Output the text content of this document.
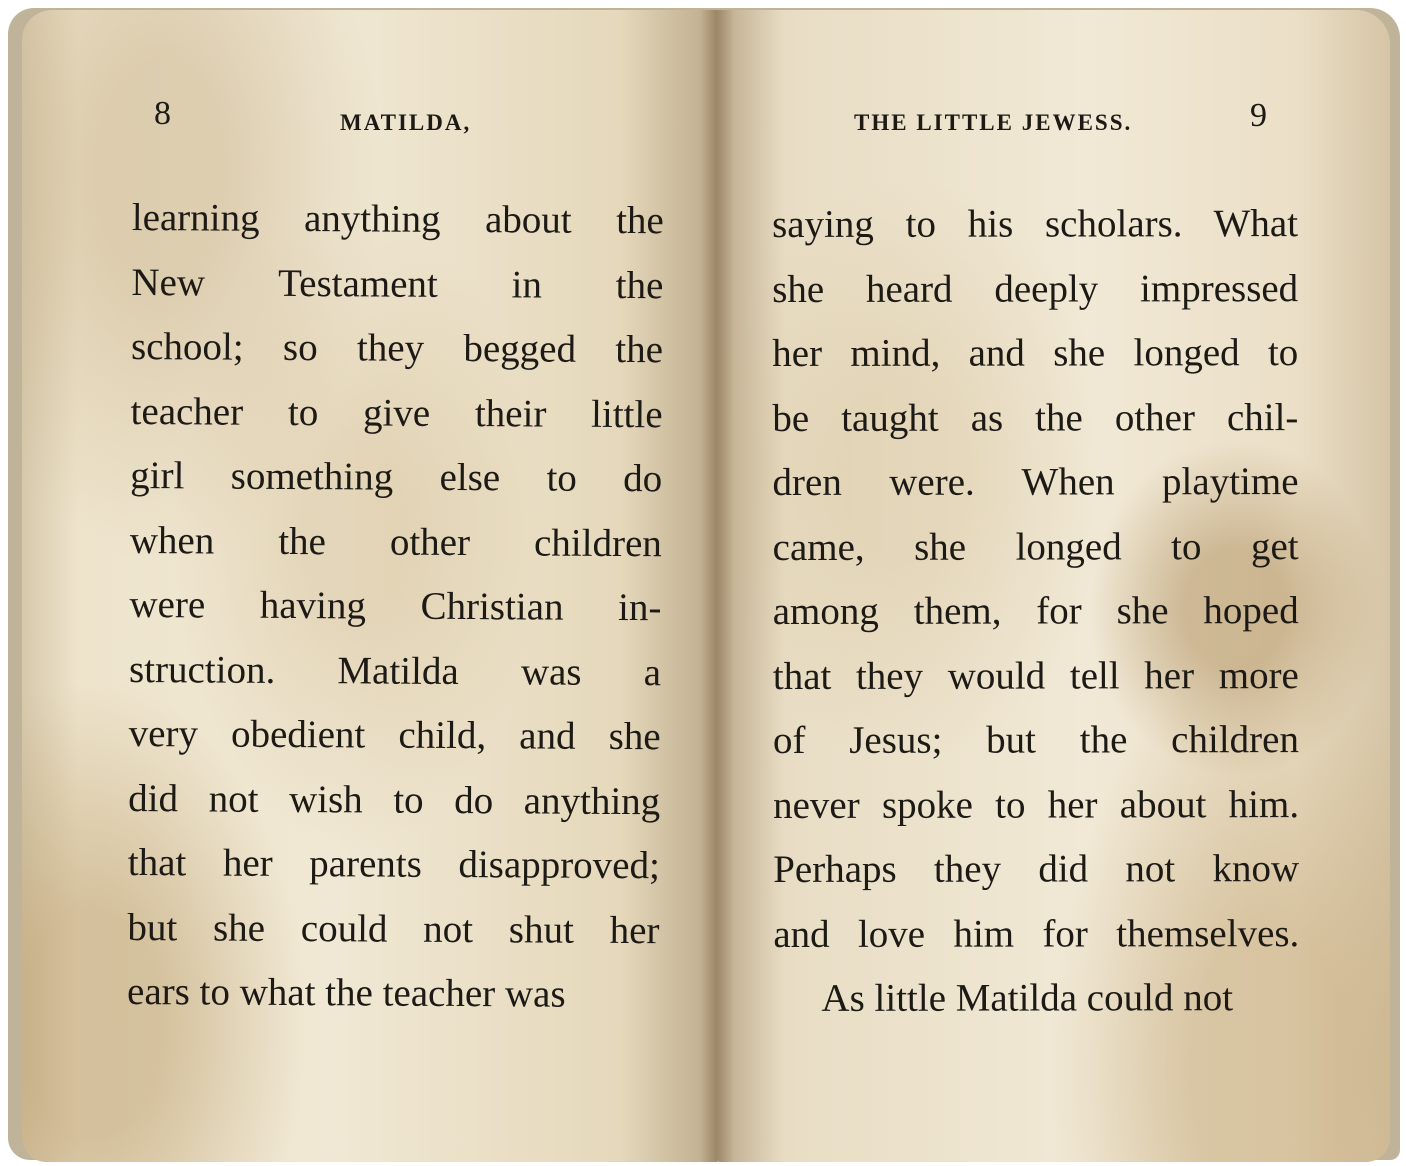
8	MATILDA,
learning anything about the
New Testament in the
school; so they begged the
teacher to give their little
girl something else to do
when the other children
were having Christian in-
struction. Matilda was a
very obedient child, and she
did not wish to do anything
that her parents disapproved;
but she could not shut her
ears to what the teacher was
THE LITTLE JEWESS.	9
saying to his scholars. What
she heard deeply impressed
her mind, and she longed to
be taught as the other chil-
dren were. When playtime
came, she longed to get
among them, for she hoped
that they would tell her more
of Jesus; but the children
never spoke to her about him.
Perhaps they did not know
and love him for themselves.
As little Matilda could not
